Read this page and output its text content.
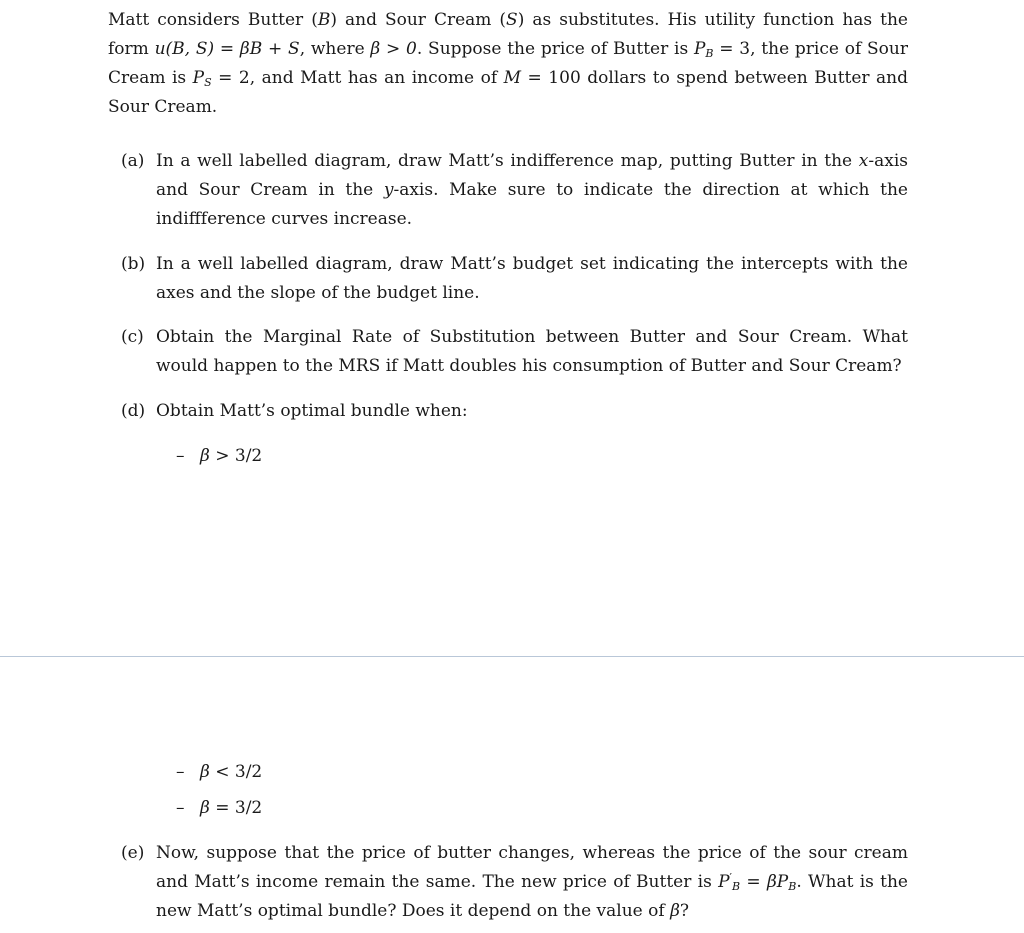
Matt considers Butter (B) and Sour Cream (S) as substitutes. His utility function has the form u(B, S) = βB + S, where β > 0. Suppose the price of Butter is $P_B = 3$, the price of Sour Cream is $P_S = 2$, and Matt has an income of M = 100 dollars to spend between Butter and Sour Cream.

(a) In a well labelled diagram, draw Matt’s indifference map, putting Butter in the x-axis and Sour Cream in the y-axis. Make sure to indicate the direction at which the indiffference curves increase.
(b) In a well labelled diagram, draw Matt’s budget set indicating the intercepts with the axes and the slope of the budget line.
(c) Obtain the Marginal Rate of Substitution between Butter and Sour Cream. What would happen to the MRS if Matt doubles his consumption of Butter and Sour Cream?
(d) Obtain Matt’s optimal bundle when:

– β > 3/2

– β < 3/2

– β = 3/2

(e) Now, suppose that the price of butter changes, whereas the price of the sour cream and Matt’s income remain the same. The new price of Butter is $P'_B = \beta P_B$. What is the new Matt’s optimal bundle? Does it depend on the value of β?
